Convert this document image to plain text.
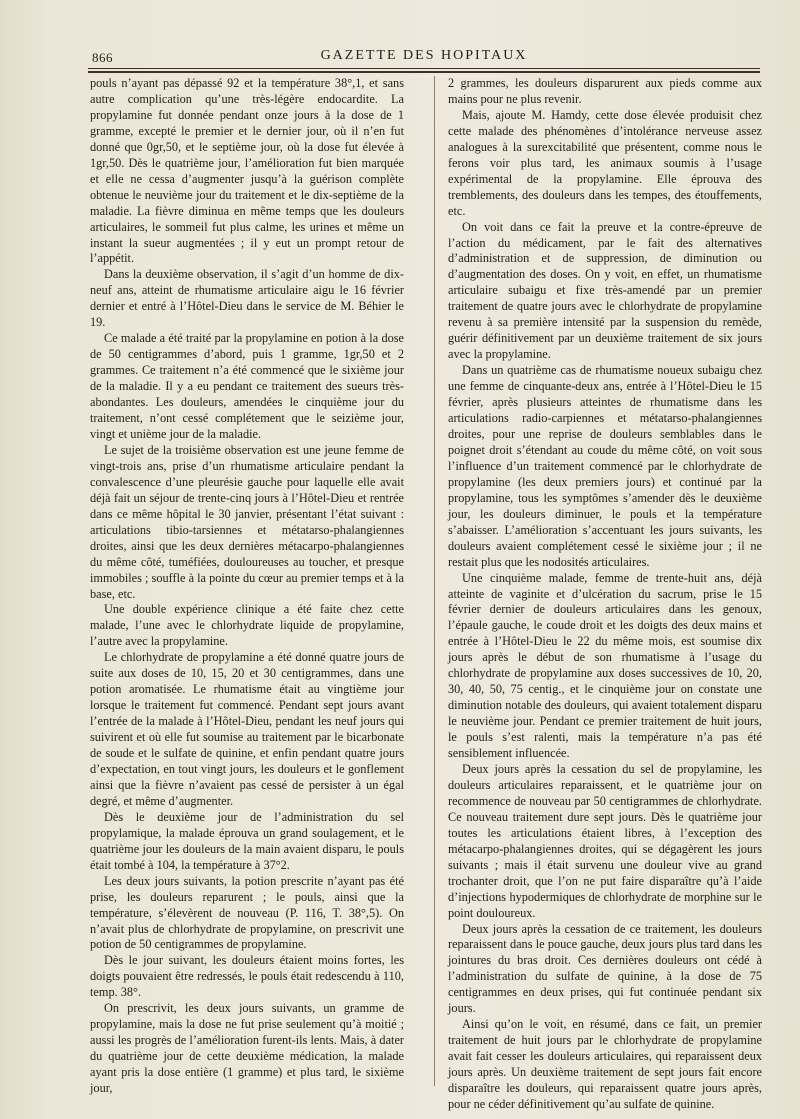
866	GAZETTE DES HOPITAUX

pouls n’ayant pas dépassé 92 et la température 38°,1, et sans autre complication qu’une très-légère endocardite. La propylamine fut donnée pendant onze jours à la dose de 1 gramme, excepté le premier et le dernier jour, où il n’en fut donné que 0gr,50, et le septième jour, où la dose fut élevée à 1gr,50. Dès le quatrième jour, l’amélioration fut bien marquée et elle ne cessa d’augmenter jusqu’à la guérison complète obtenue le neuvième jour du traitement et le dix-septième de la maladie. La fièvre diminua en même temps que les douleurs articulaires, le sommeil fut plus calme, les urines et même un instant la sueur augmentées ; il y eut un prompt retour de l’appétit.

Dans la deuxième observation, il s’agit d’un homme de dix-neuf ans, atteint de rhumatisme articulaire aigu le 16 février dernier et entré à l’Hôtel-Dieu dans le service de M. Béhier le 19.

Ce malade a été traité par la propylamine en potion à la dose de 50 centigrammes d’abord, puis 1 gramme, 1gr,50 et 2 grammes. Ce traitement n’a été commencé que le sixième jour de la maladie. Il y a eu pendant ce traitement des sueurs très-abondantes. Les douleurs, amendées le cinquième jour du traitement, n’ont cessé complétement que le seizième jour, vingt et unième jour de la maladie.

Le sujet de la troisième observation est une jeune femme de vingt-trois ans, prise d’un rhumatisme articulaire pendant la convalescence d’une pleurésie gauche pour laquelle elle avait déjà fait un séjour de trente-cinq jours à l’Hôtel-Dieu et rentrée dans ce même hôpital le 30 janvier, présentant l’état suivant : articulations tibio-tarsiennes et métatarso-phalangiennes droites, ainsi que les deux dernières métacarpo-phalangiennes du même côté, tuméfiées, douloureuses au toucher, et presque immobiles ; souffle à la pointe du cœur au premier temps et à la base, etc.

Une double expérience clinique a été faite chez cette malade, l’une avec le chlorhydrate liquide de propylamine, l’autre avec la propylamine.

Le chlorhydrate de propylamine a été donné quatre jours de suite aux doses de 10, 15, 20 et 30 centigrammes, dans une potion aromatisée. Le rhumatisme était au vingtième jour lorsque le traitement fut commencé. Pendant sept jours avant l’entrée de la malade à l’Hôtel-Dieu, pendant les neuf jours qui suivirent et où elle fut soumise au traitement par le bicarbonate de soude et le sulfate de quinine, et enfin pendant quatre jours d’expectation, en tout vingt jours, les douleurs et le gonflement ainsi que la fièvre n’avaient pas cessé de persister à un égal degré, et même d’augmenter.

Dès le deuxième jour de l’administration du sel propylamique, la malade éprouva un grand soulagement, et le quatrième jour les douleurs de la main avaient disparu, le pouls était tombé à 104, la température à 37°2.

Les deux jours suivants, la potion prescrite n’ayant pas été prise, les douleurs reparurent ; le pouls, ainsi que la température, s’élevèrent de nouveau (P. 116, T. 38°,5). On n’avait plus de chlorhydrate de propylamine, on prescrivit une potion de 50 centigrammes de propylamine.

Dès le jour suivant, les douleurs étaient moins fortes, les doigts pouvaient être redressés, le pouls était redescendu à 110, temp. 38°.

On prescrivit, les deux jours suivants, un gramme de propylamine, mais la dose ne fut prise seulement qu’à moitié ; aussi les progrès de l’amélioration furent-ils lents. Mais, à dater du quatrième jour de cette deuxième médication, la malade ayant pris la dose entière (1 gramme) et plus tard, le sixième jour,

2 grammes, les douleurs disparurent aux pieds comme aux mains pour ne plus revenir.

Mais, ajoute M. Hamdy, cette dose élevée produisit chez cette malade des phénomènes d’intolérance nerveuse assez analogues à la surexcitabilité que présentent, comme nous le ferons voir plus tard, les animaux soumis à l’usage expérimental de la propylamine. Elle éprouva des tremblements, des douleurs dans les tempes, des étouffements, etc.

On voit dans ce fait la preuve et la contre-épreuve de l’action du médicament, par le fait des alternatives d’administration et de suppression, de diminution ou d’augmentation des doses. On y voit, en effet, un rhumatisme articulaire subaigu et fixe très-amendé par un premier traitement de quatre jours avec le chlorhydrate de propylamine revenu à sa première intensité par la suspension du remède, guérir définitivement par un deuxième traitement de six jours avec la propylamine.

Dans un quatrième cas de rhumatisme noueux subaigu chez une femme de cinquante-deux ans, entrée à l’Hôtel-Dieu le 15 février, après plusieurs atteintes de rhumatisme dans les articulations radio-carpiennes et métatarso-phalangiennes droites, pour une reprise de douleurs semblables dans le poignet droit s’étendant au coude du même côté, on voit sous l’influence d’un traitement commencé par le chlorhydrate de propylamine (les deux premiers jours) et continué par la propylamine, tous les symptômes s’amender dès le deuxième jour, les douleurs diminuer, le pouls et la température s’abaisser. L’amélioration s’accentuant les jours suivants, les douleurs avaient complétement cessé le sixième jour ; il ne restait plus que les nodosités articulaires.

Une cinquième malade, femme de trente-huit ans, déjà atteinte de vaginite et d’ulcération du sacrum, prise le 15 février dernier de douleurs articulaires dans les genoux, l’épaule gauche, le coude droit et les doigts des deux mains et entrée à l’Hôtel-Dieu le 22 du même mois, est soumise dix jours après le début de son rhumatisme à l’usage du chlorhydrate de propylamine aux doses successives de 10, 20, 30, 40, 50, 75 centig., et le cinquième jour on constate une diminution notable des douleurs, qui avaient totalement disparu le neuvième jour. Pendant ce premier traitement de huit jours, le pouls s’est ralenti, mais la température n’a pas été sensiblement influencée.

Deux jours après la cessation du sel de propylamine, les douleurs articulaires reparaissent, et le quatrième jour on recommence de nouveau par 50 centigrammes de chlorhydrate. Ce nouveau traitement dure sept jours. Dès le quatrième jour toutes les articulations étaient libres, à l’exception des métacarpo-phalangiennes droites, qui se dégagèrent les jours suivants ; mais il était survenu une douleur vive au grand trochanter droit, que l’on ne put faire disparaître qu’à l’aide d’injections hypodermiques de chlorhydrate de morphine sur le point douloureux.

Deux jours après la cessation de ce traitement, les douleurs reparaissent dans le pouce gauche, deux jours plus tard dans les jointures du bras droit. Ces dernières douleurs ont cédé à l’administration du sulfate de quinine, à la dose de 75 centigrammes en deux prises, qui fut continuée pendant six jours.

Ainsi qu’on le voit, en résumé, dans ce fait, un premier traitement de huit jours par le chlorhydrate de propylamine avait fait cesser les douleurs articulaires, qui reparaissent deux jours après. Un deuxième traitement de sept jours fait encore disparaître les douleurs, qui reparaissent quatre jours après, pour ne céder définitivement qu’au sulfate de quinine.
